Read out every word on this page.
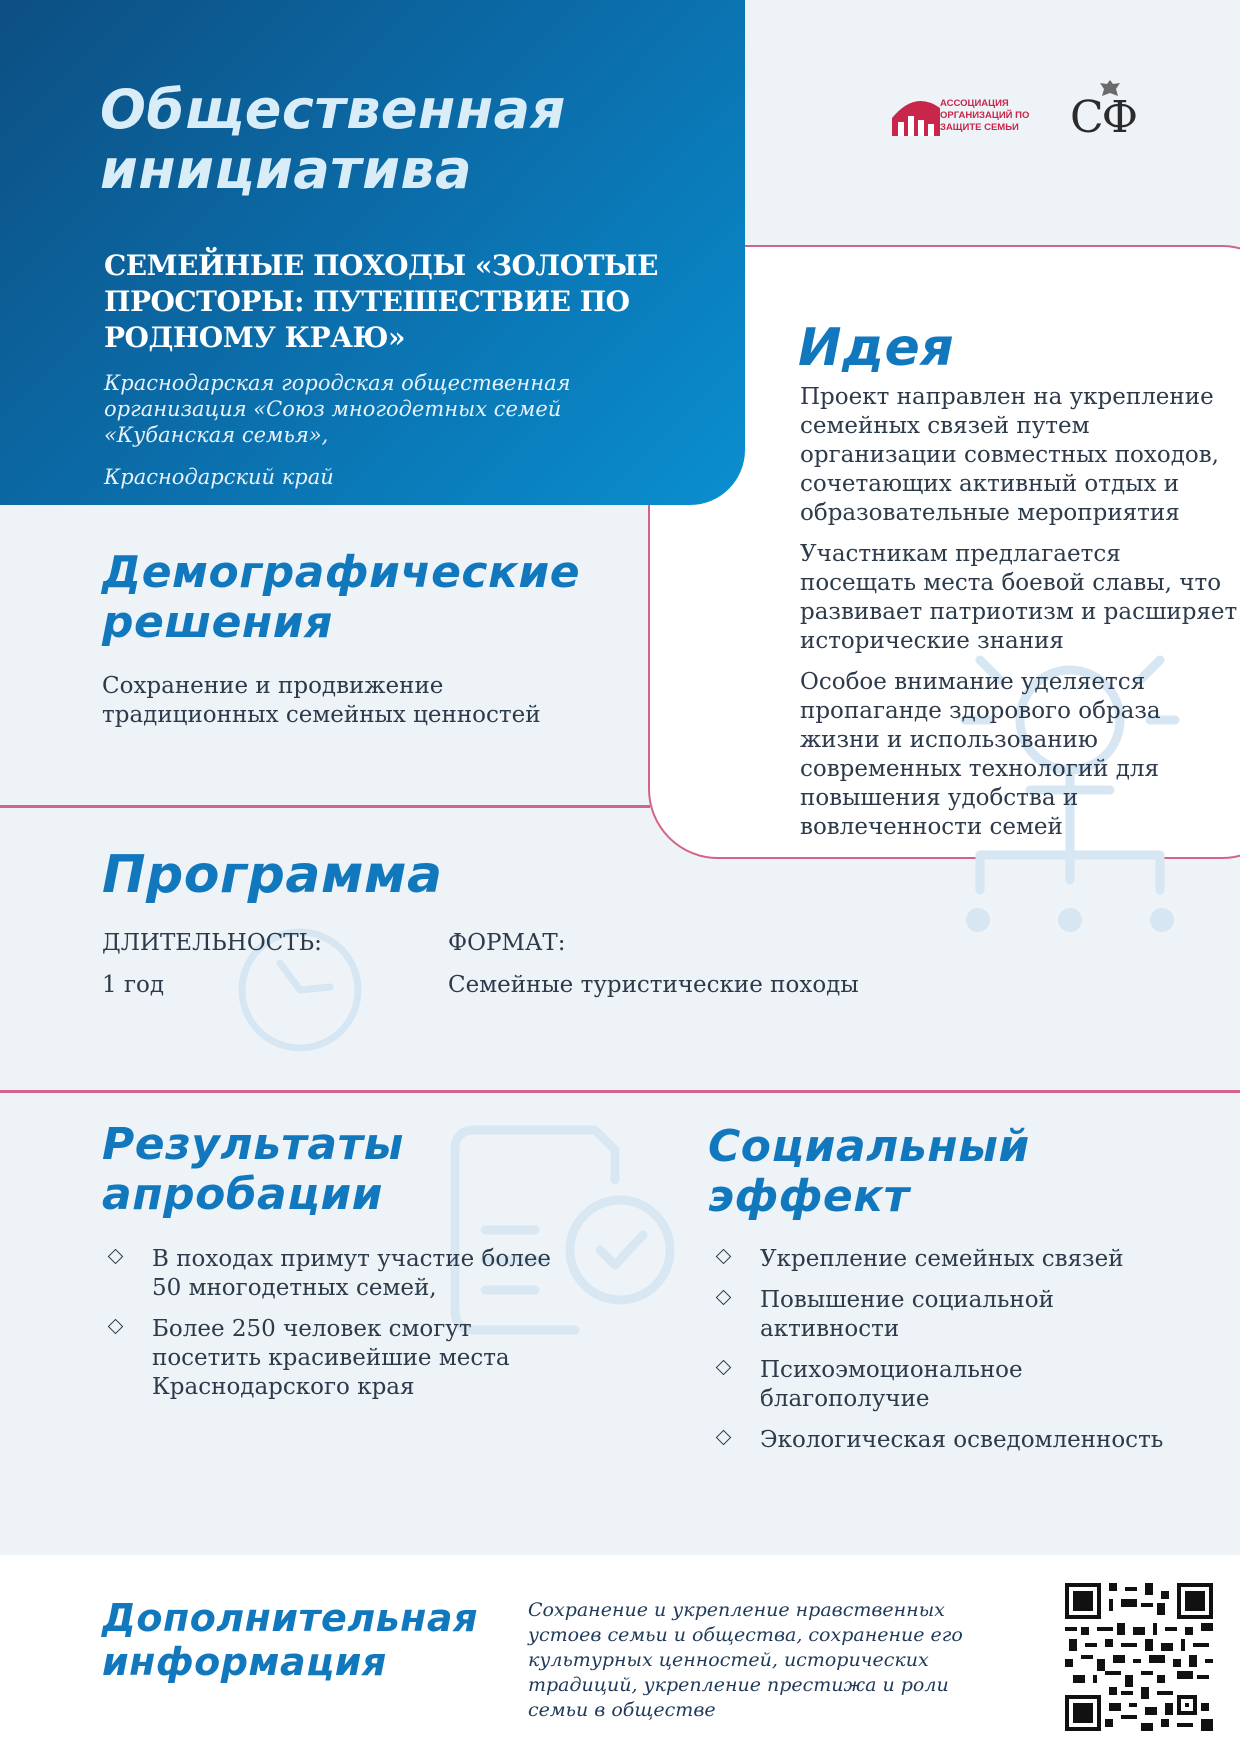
АССОЦИАЦИЯ ОРГАНИЗАЦИЙ ПО ЗАЩИТЕ СЕМЬИ	СФ
Идея

Проект направлен на укрепление семейных связей путем организации совместных походов, сочетающих активный отдых и образовательные мероприятия

Участникам предлагается посещать места боевой славы, что развивает патриотизм и расширяет исторические знания

Особое внимание уделяется пропаганде здорового образа жизни и использованию современных технологий для повышения удобства и вовлеченности семей

Общественная инициатива
СЕМЕЙНЫЕ ПОХОДЫ «ЗОЛОТЫЕ ПРОСТОРЫ: ПУТЕШЕСТВИЕ ПО РОДНОМУ КРАЮ»
Краснодарская городская общественная организация «Союз многодетных семей «Кубанская семья»,
Краснодарский край
Демографические решения
Сохранение и продвижение традиционных семейных ценностей
Программа
ДЛИТЕЛЬНОСТЬ:
1 год
ФОРМАТ:
Семейные туристические походы
Результаты апробации
В походах примут участие более 50 многодетных семей,
Более 250 человек смогут посетить красивейшие места Краснодарского края
Социальный эффект
Укрепление семейных связей
Повышение социальной активности
Психоэмоциональное благополучие
Экологическая осведомленность
Дополнительная информация
Сохранение и укрепление нравственных устоев семьи и общества, сохранение его культурных ценностей, исторических традиций, укрепление престижа и роли семьи в обществе
